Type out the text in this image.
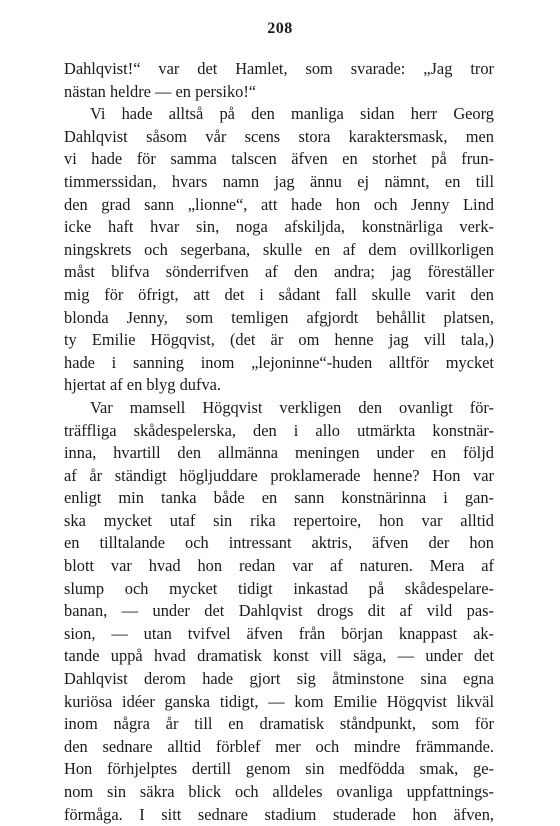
208
Dahlqvist!“ var det Hamlet, som svarade: „Jag tror
nästan heldre — en persiko!“
Vi hade alltså på den manliga sidan herr Georg
Dahlqvist såsom vår scens stora karaktersmask, men
vi hade för samma talscen äfven en storhet på frun-
timmerssidan, hvars namn jag ännu ej nämnt, en till
den grad sann „lionne“, att hade hon och Jenny Lind
icke haft hvar sin, noga afskiljda, konstnärliga verk-
ningskrets och segerbana, skulle en af dem ovillkorligen
måst blifva sönderrifven af den andra; jag föreställer
mig för öfrigt, att det i sådant fall skulle varit den
blonda Jenny, som temligen afgjordt behållit platsen,
ty Emilie Högqvist, (det är om henne jag vill tala,)
hade i sanning inom „lejoninne“-huden alltför mycket
hjertat af en blyg dufva.
Var mamsell Högqvist verkligen den ovanligt för-
träffliga skådespelerska, den i allo utmärkta konstnär-
inna, hvartill den allmänna meningen under en följd
af år ständigt högljuddare proklamerade henne? Hon var
enligt min tanka både en sann konstnärinna i gan-
ska mycket utaf sin rika repertoire, hon var alltid
en tilltalande och intressant aktris, äfven der hon
blott var hvad hon redan var af naturen. Mera af
slump och mycket tidigt inkastad på skådespelare-
banan, — under det Dahlqvist drogs dit af vild pas-
sion, — utan tvifvel äfven från början knappast ak-
tande uppå hvad dramatisk konst vill säga, — under det
Dahlqvist derom hade gjort sig åtminstone sina egna
kuriösa idéer ganska tidigt, — kom Emilie Högqvist likväl
inom några år till en dramatisk ståndpunkt, som för
den sednare alltid förblef mer och mindre främmande.
Hon förhjelptes dertill genom sin medfödda smak, ge-
nom sin säkra blick och alldeles ovanliga uppfattnings-
förmåga. I sitt sednare stadium studerade hon äfven,
